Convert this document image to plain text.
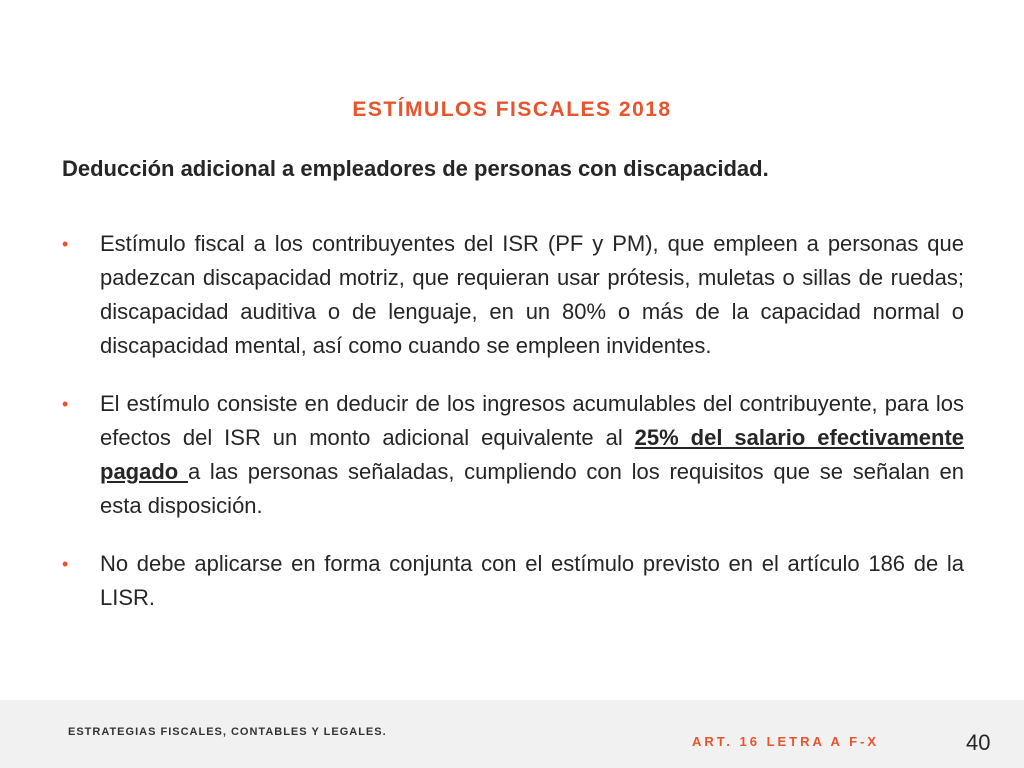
ESTÍMULOS FISCALES 2018
Deducción adicional a empleadores de personas con discapacidad.
• Estímulo fiscal a los contribuyentes del ISR (PF y PM), que empleen a personas que padezcan discapacidad motriz, que requieran usar prótesis, muletas o sillas de ruedas; discapacidad auditiva o de lenguaje, en un 80% o más de la capacidad normal o discapacidad mental, así como cuando se empleen invidentes.
• El estímulo consiste en deducir de los ingresos acumulables del contribuyente, para los efectos del ISR un monto adicional equivalente al 25% del salario efectivamente pagado a las personas señaladas, cumpliendo con los requisitos que se señalan en esta disposición.
• No debe aplicarse en forma conjunta con el estímulo previsto en el artículo 186 de la LISR.
ESTRATEGIAS FISCALES, CONTABLES Y LEGALES.
ART. 16 LETRA A F-X	40
